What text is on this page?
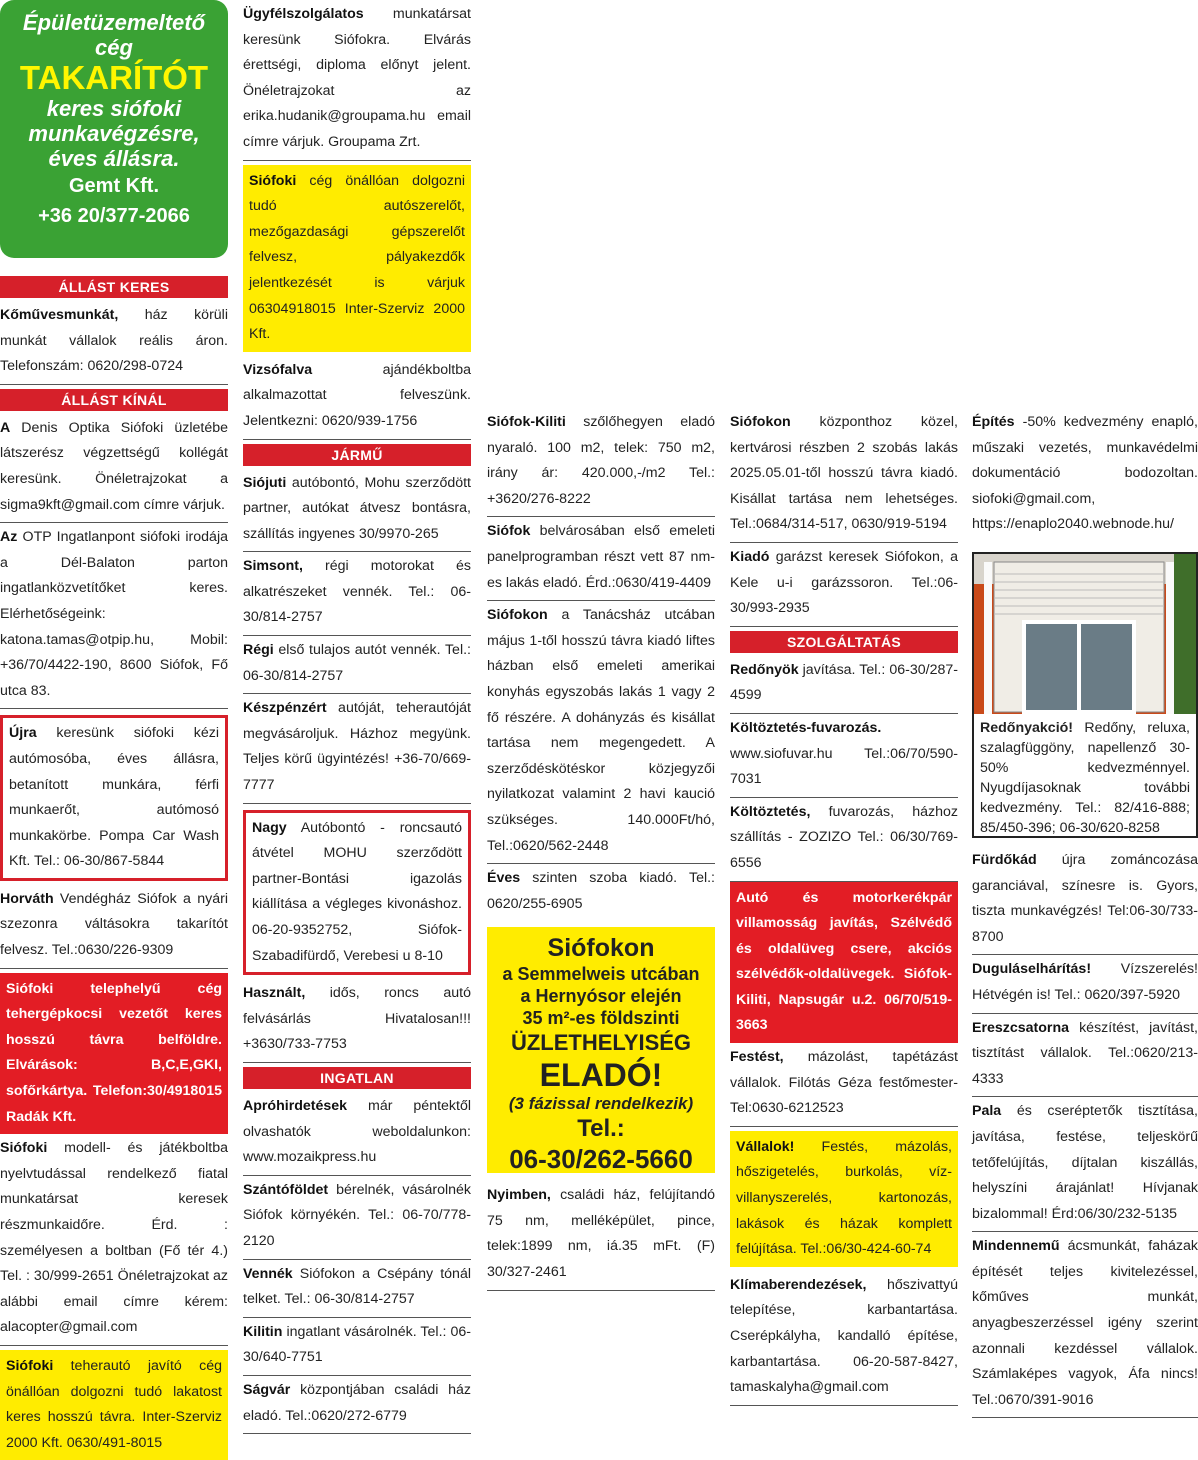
Épületüzemeltető
cég
TAKARÍTÓT
keres siófoki
munkavégzésre,
éves állásra.
Gemt Kft.
+36 20/377-2066
ÁLLÁST KERES
Kőművesmunkát, ház körüli munkát vállalok reális áron. Telefonszám: 0620/298-0724
ÁLLÁST KÍNÁL
A Denis Optika Siófoki üzletébe látszerész végzettségű kollégát keresünk. Önéletrajzokat a sigma9kft@gmail.com címre várjuk.
Az OTP Ingatlanpont siófoki irodája a Dél-Balaton parton ingatlanközvetítőket keres. Elérhetőségeink: katona.tamas@otpip.hu, Mobil: +36/70/4422-190, 8600 Siófok, Fő utca 83.
Újra keresünk siófoki kézi autómosóba, éves állásra, betanított munkára, férfi munkaerőt, autómosó munkakörbe. Pompa Car Wash Kft. Tel.: 06-30/867-5844
Horváth Vendégház Siófok a nyári szezonra váltásokra takarítót felvesz. Tel.:0630/226-9309
Siófoki telephelyű cég tehergépkocsi vezetőt keres hosszú távra belföldre. Elvárások: B,C,E,GKI, sofőrkártya. Telefon:30/4918015 Radák Kft.
Siófoki modell- és játékboltba nyelvtudással rendelkező fiatal munkatársat keresek részmunkaidőre. Érd. : személyesen a boltban (Fő tér 4.) Tel. : 30/999-2651 Önéletrajzokat az alábbi email címre kérem: alacopter@gmail.com
Siófoki teherautó javító cég önállóan dolgozni tudó lakatost keres hosszú távra. Inter-Szerviz 2000 Kft. 0630/491-8015
Ügyfélszolgálatos munkatársat keresünk Siófokra. Elvárás érettségi, diploma előnyt jelent. Önéletrajzokat az erika.hudanik@groupama.hu email címre várjuk. Groupama Zrt.
Siófoki cég önállóan dolgozni tudó autószerelőt, mezőgazdasági gépszerelőt felvesz, pályakezdők jelentkezését is várjuk 06304918015 Inter-Szerviz 2000 Kft.
Vizsófalva ajándékboltba alkalmazottat felveszünk. Jelentkezni: 0620/939-1756
JÁRMŰ
Siójuti autóbontó, Mohu szerződött partner, autókat átvesz bontásra, szállítás ingyenes 30/9970-265
Simsont, régi motorokat és alkatrészeket vennék. Tel.: 06-30/814-2757
Régi első tulajos autót vennék. Tel.: 06-30/814-2757
Készpénzért autóját, teherautóját megvásároljuk. Házhoz megyünk. Teljes körű ügyintézés! +36-70/669-7777
Nagy Autóbontó - roncsautó átvétel MOHU szerződött partner-Bontási igazolás kiállítása a végleges kivonáshoz. 06-20-9352752, Siófok-Szabadifürdő, Verebesi u 8-10
Használt, idős, roncs autó felvásárlás Hivatalosan!!! +3630/733-7753
INGATLAN
Apróhirdetések már péntektől olvashatók weboldalunkon: www.mozaikpress.hu
Szántóföldet bérelnék, vásárolnék Siófok környékén. Tel.: 06-70/778-2120
Vennék Siófokon a Csépány tónál telket. Tel.: 06-30/814-2757
Kilitin ingatlant vásárolnék. Tel.: 06-30/640-7751
Ságvár központjában családi ház eladó. Tel.:0620/272-6779
Siófok-Kiliti szőlőhegyen eladó nyaraló. 100 m2, telek: 750 m2, irány ár: 420.000,-/m2 Tel.: +3620/276-8222
Siófok belvárosában első emeleti panelprogramban részt vett 87 nm-es lakás eladó. Érd.:0630/419-4409
Siófokon a Tanácsház utcában május 1-től hosszú távra kiadó liftes házban első emeleti amerikai konyhás egyszobás lakás 1 vagy 2 fő részére. A dohányzás és kisállat tartása nem megengedett. A szerződéskötéskor közjegyzői nyilatkozat valamint 2 havi kaució szükséges. 140.000Ft/hó, Tel.:0620/562-2448
Éves szinten szoba kiadó. Tel.: 0620/255-6905
Siófokon
a Semmelweis utcában
a Hernyósor elején
35 m²-es földszinti
ÜZLETHELYISÉG
ELADÓ!
(3 fázissal rendelkezik)
Tel.:
06-30/262-5660
Nyimben, családi ház, felújítandó 75 nm, melléképület, pince, telek:1899 nm, iá.35 mFt. (F) 30/327-2461
Siófokon központhoz közel, kertvárosi részben 2 szobás lakás 2025.05.01-től hosszú távra kiadó. Kisállat tartása nem lehetséges. Tel.:0684/314-517, 0630/919-5194
Kiadó garázst keresek Siófokon, a Kele u-i garázssoron. Tel.:06-30/993-2935
SZOLGÁLTATÁS
Redőnyök javítása. Tel.: 06-30/287-4599
Költöztetés-fuvarozás. www.siofuvar.hu Tel.:06/70/590-7031
Költöztetés, fuvarozás, házhoz szállítás - ZOZIZO Tel.: 06/30/769-6556
Autó és motorkerékpár villamosság javítás, Szélvédő és oldalüveg csere, akciós szélvédők-oldalüvegek. Siófok-Kiliti, Napsugár u.2. 06/70/519-3663
Festést, mázolást, tapétázást vállalok. Filótás Géza festőmester-Tel:0630-6212523
Vállalok! Festés, mázolás, hőszigetelés, burkolás, víz-villanyszerelés, kartonozás, lakások és házak komplett felújítása. Tel.:06/30-424-60-74
Klímaberendezések, hőszivattyú telepítése, karbantartása. Cserépkályha, kandalló építése, karbantartása. 06-20-587-8427, tamaskalyha@gmail.com
Építés -50% kedvezmény enapló, műszaki vezetés, munkavédelmi dokumentáció bodozoltan. siofoki@gmail.com, https://enaplo2040.webnode.hu/
Redőnyakció! Redőny, reluxa, szalagfüggöny, napellenző 30-50% kedvezménnyel. Nyugdíjasoknak további kedvezmény. Tel.: 82/416-888; 85/450-396; 06-30/620-8258
Fürdőkád újra zománcozása garanciával, színesre is. Gyors, tiszta munkavégzés! Tel:06-30/733-8700
Duguláselhárítás! Vízszerelés! Hétvégén is! Tel.: 0620/397-5920
Ereszcsatorna készítést, javítást, tisztítást vállalok. Tel.:0620/213-4333
Pala és cserépteτők tisztítása, javítása, festése, teljeskörű tetőfelújítás, díjtalan kiszállás, helyszíni árajánlat! Hívjanak bizalommal! Érd:06/30/232-5135
Mindennemű ácsmunkát, faházak építését teljes kivitelezéssel, kőműves munkát, anyagbeszerzéssel igény szerint azonnali kezdéssel vállalok. Számlaképes vagyok, Áfa nincs! Tel.:0670/391-9016
